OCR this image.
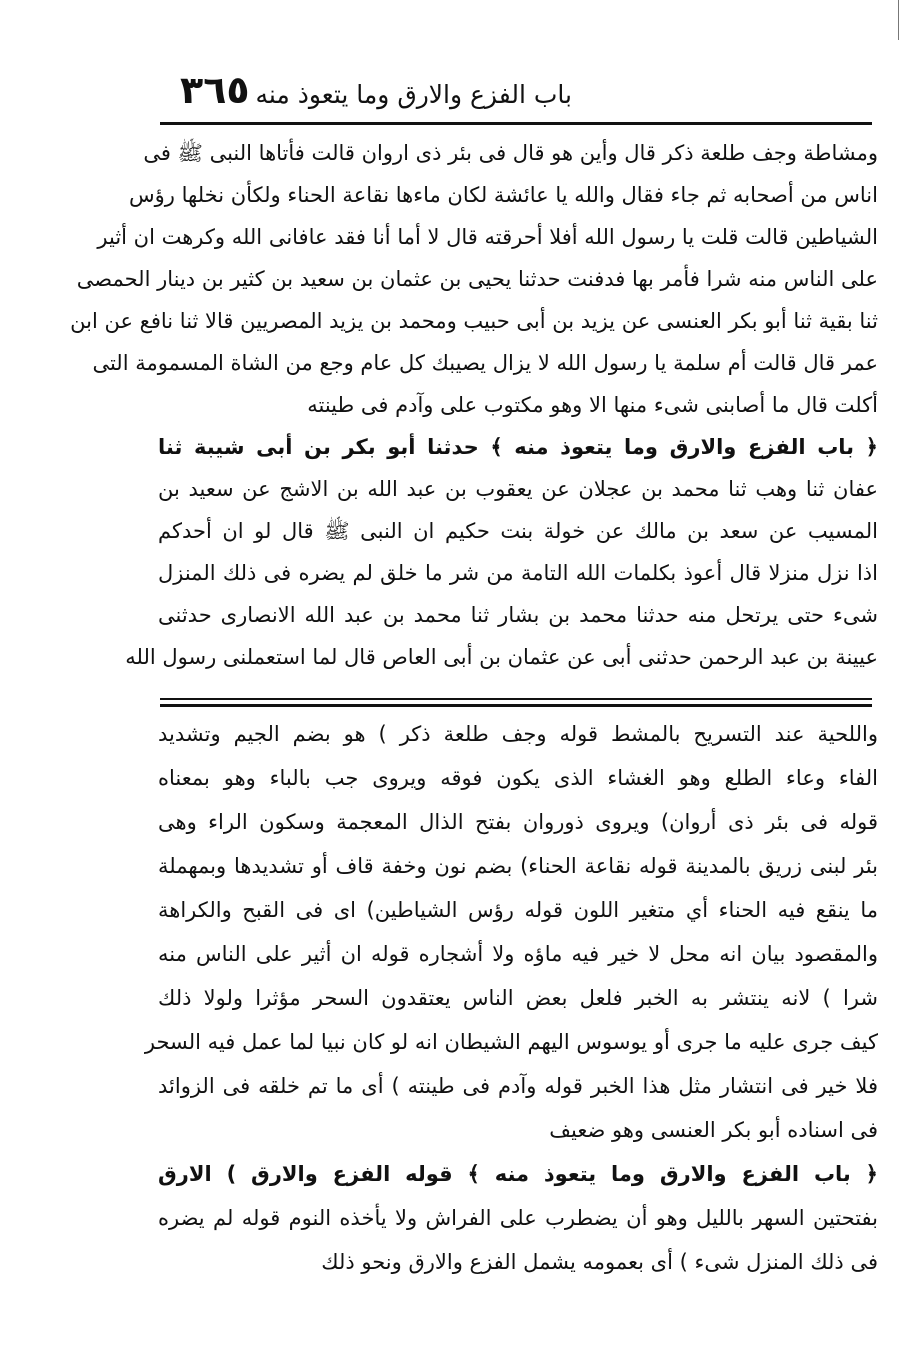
٣٦٥ باب الفزع والارق وما يتعوذ منه
ومشاطة وجف طلعة ذكر قال وأين هو قال فى بئر ذى اروان قالت فأتاها النبى ﷺ فى
اناس من أصحابه ثم جاء فقال والله يا عائشة لكان ماءها نقاعة الحناء ولكأن نخلها رؤس
الشياطين قالت قلت يا رسول الله أفلا أحرقته قال لا أما أنا فقد عافانى الله وكرهت ان أثير
على الناس منه شرا فأمر بها فدفنت حدثنا يحيى بن عثمان بن سعيد بن كثير بن دينار الحمصى
ثنا بقية ثنا أبو بكر العنسى عن يزيد بن أبى حبيب ومحمد بن يزيد المصريين قالا ثنا نافع عن ابن
عمر قال قالت أم سلمة يا رسول الله لا يزال يصيبك كل عام وجع من الشاة المسمومة التى
أكلت قال ما أصابنى شىء منها الا وهو مكتوب على وآدم فى طينته
﴿ باب الفزع والارق وما يتعوذ منه ﴾ حدثنا أبو بكر بن أبى شيبة ثنا
عفان ثنا وهب ثنا محمد بن عجلان عن يعقوب بن عبد الله بن الاشج عن سعيد بن
المسيب عن سعد بن مالك عن خولة بنت حكيم ان النبى ﷺ قال لو ان أحدكم
اذا نزل منزلا قال أعوذ بكلمات الله التامة من شر ما خلق لم يضره فى ذلك المنزل
شىء حتى يرتحل منه حدثنا محمد بن بشار ثنا محمد بن عبد الله الانصارى حدثنى
عيينة بن عبد الرحمن حدثنى أبى عن عثمان بن أبى العاص قال لما استعملنى رسول الله
واللحية عند التسريح بالمشط قوله وجف طلعة ذكر ) هو بضم الجيم وتشديد
الفاء وعاء الطلع وهو الغشاء الذى يكون فوقه ويروى جب بالباء وهو بمعناه
قوله فى بئر ذى أروان) ويروى ذوروان بفتح الذال المعجمة وسكون الراء وهى
بئر لبنى زريق بالمدينة قوله نقاعة الحناء) بضم نون وخفة قاف أو تشديدها وبمهملة
ما ينقع فيه الحناء أي متغير اللون قوله رؤس الشياطين) اى فى القبح والكراهة
والمقصود بيان انه محل لا خير فيه ماؤه ولا أشجاره قوله ان أثير على الناس منه
شرا ) لانه ينتشر به الخبر فلعل بعض الناس يعتقدون السحر مؤثرا ولولا ذلك
كيف جرى عليه ما جرى أو يوسوس اليهم الشيطان انه لو كان نبيا لما عمل فيه السحر
فلا خير فى انتشار مثل هذا الخبر قوله وآدم فى طينته ) أى ما تم خلقه فى الزوائد
فى اسناده أبو بكر العنسى وهو ضعيف
﴿ باب الفزع والارق وما يتعوذ منه ﴾ قوله الفزع والارق ) الارق
بفتحتين السهر بالليل وهو أن يضطرب على الفراش ولا يأخذه النوم قوله لم يضره
فى ذلك المنزل شىء ) أى بعمومه يشمل الفزع والارق ونحو ذلك
